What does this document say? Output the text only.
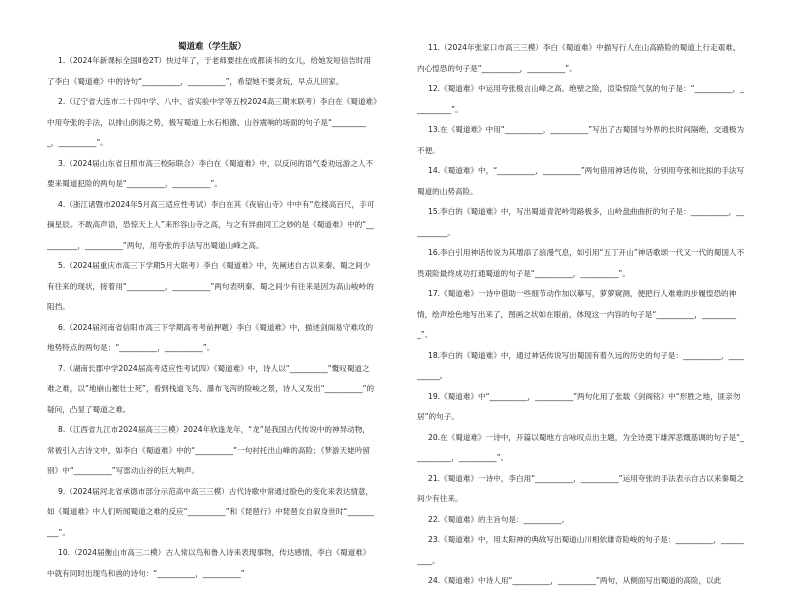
蜀道难（学生版）

1.（2024年新课标全国Ⅱ卷2T）快过年了，于老师要挂在成都读书的女儿，给她发短信告时用了李白《蜀道难》中的诗句“__________，__________”，希望她不要贪玩，早点儿回家。

2.（辽宁省大连市二十四中学、八中、省实验中学等五校2024高三期末联考）李白在《蜀道难》中用夸张的手法，以排山倒海之势，极写蜀道上水石相激、山谷震响的场面的句子是“__________，__________”。

3.（2024届山东省日照市高三校际联合）李白在《蜀道难》中，以反问的语气委劝远游之人不要来蜀道犯险的两句是“__________，__________”。

4.（浙江诸暨市2024年5月高三适应性考试）李白在其《夜宿山寺》中中有“危楼高百尺，手可摘星辰。不敢高声语，恐惊天上人”来形容山寺之高，与之有异曲同工之妙的是《蜀道难》中的“__________，__________”两句，用夸张的手法写出蜀道山峰之高。

5.（2024届重庆市高三下学期5月大联考）李白《蜀道难》中，先阐述自古以来秦、蜀之间少有往来的现状，接着用“__________，__________”两句表明秦、蜀之间少有往来是因为高山峻岭的阻挡。

6.（2024届河南省信阳市高三下学期高考考前押题）李白《蜀道难》中，描述剑阁易守难攻的地势特点的两句是：“__________，__________”。

7.（湖南长郡中学2024届高考适应性考试四）《蜀道难》中，诗人以“__________”慨叹蜀道之难之难，以“地崩山摧壮士死”，看到栈道飞鸟、瀑布飞泻的险峻之景，诗人又发出“__________”的疑问，凸显了蜀道之难。

8.（江西省九江市2024届高三三模）2024年欣逢龙年，“龙”是我国古代传说中的神异动物，常被引入古诗文中，如李白《蜀道难》中的“__________”一句衬托出山峰的高险；《梦游天姥吟留别》中“__________”写雷动山谷的巨大响声。

9.（2024届河北省承德市部分示范高中高三三模）古代诗歌中常通过脸色的变化来表达情意，如《蜀道难》中人们听闻蜀道之难的反应“__________”和《琵琶行》中琵琶女自叙身世时“__________”。

10.（2024届衡山市高三二模）古人常以鸟和鲁入诗来表现事物，传达感情，李白《蜀道难》中就有同时出现鸟和兽的诗句：“__________，__________”

11.（2024年张家口市高三三模）李白《蜀道难》中描写行人在山高路险的蜀道上行走艰难、内心惶恐的句子是“__________，__________”。

12.《蜀道难》中运用夸张极言山峰之高、绝壁之险，渲染惊险气氛的句子是：“__________，__________”。

13.在《蜀道难》中用“__________，__________”写出了古蜀国与外界的长时间隔绝，交通极为不便。

14.《蜀道难》中，“__________，__________”两句借用神话传说，分别用夸张和比拟的手法写蜀道的山势高险。

15.李白的《蜀道难》中，写出蜀道青泥岭弯路极多，山岭盘曲曲折的句子是：__________，__________。

16.李白引用神话传说为其增添了浪漫气息，如引用“五丁开山”神话歌颂一代又一代的蜀国人不畏艰险最终成功打通蜀道的句子是“__________，__________”。

17.《蜀道难》一诗中借助一些细节动作加以摹写，萝萝窥测，便把行人难难的步履惶恐的神情，绘声绘色地写出来了，图画之状如在眼前，体现这一内容的句子是“__________，__________”。

18.李白的《蜀道难》中，通过神话传说写出蜀国有着久远的历史的句子是：__________，__________。

19.《蜀道难》中“__________，__________”两句化用了张载《剑阁铭》中“形胜之地，匪亲勿居”的句子。

20.在《蜀道难》一诗中，开篇以蜀地方言咏叹点出主题，为全诗奠下雄浑悲慨基调的句子是“__________，__________”。

21.《蜀道难》一诗中，李白用“__________，__________”运用夸张的手法表示自古以来秦蜀之间少有往来。

22.《蜀道难》的主旨句是：__________。

23.《蜀道难》中，用太阳神的典故写出蜀道山川相依雄奇险峻的句子是：__________，__________。

24.《蜀道难》中诗人用“__________，__________”两句，从侧面写出蜀道的高险，以此
